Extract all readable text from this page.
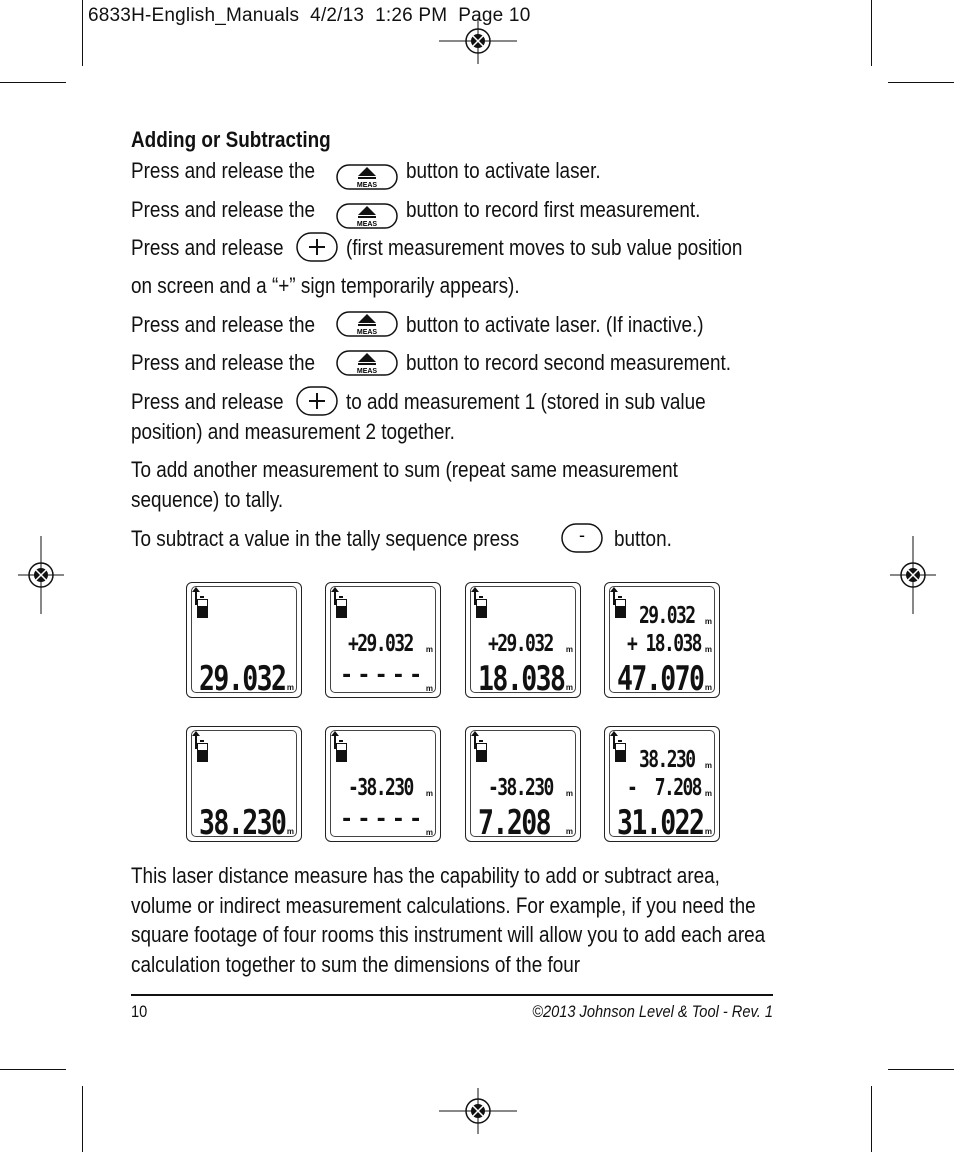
6833H-English_Manuals  4/2/13  1:26 PM  Page 10
Adding or Subtracting
Press and release the	button to activate laser.
Press and release the	button to record first measurement.
Press and release	(first measurement moves to sub value position
on screen and a “+” sign temporarily appears).
Press and release the	button to activate laser. (If inactive.)
Press and release the	button to record second measurement.
Press and release	to add measurement 1 (stored in sub value
position) and measurement 2 together.
To add another measurement to sum (repeat same measurement
sequence) to tally.
To subtract a value in the tally sequence press	button.
MEAS
MEAS
MEAS
MEAS
-
29.032 m
+29.032 m
-----
m
+29.032 m
18.038 m
29.032 m
+ 18.038 m
47.070 m
38.230 m
-38.230 m
-----
m
-38.230 m
7.208 m
38.230 m
-  7.208 m
31.022 m
This laser distance measure has the capability to add or subtract area, volume or indirect measurement calculations. For example, if you need the square footage of four rooms this instrument will allow you to add each area calculation together to sum the dimensions of the four
10	©2013 Johnson Level & Tool - Rev. 1
